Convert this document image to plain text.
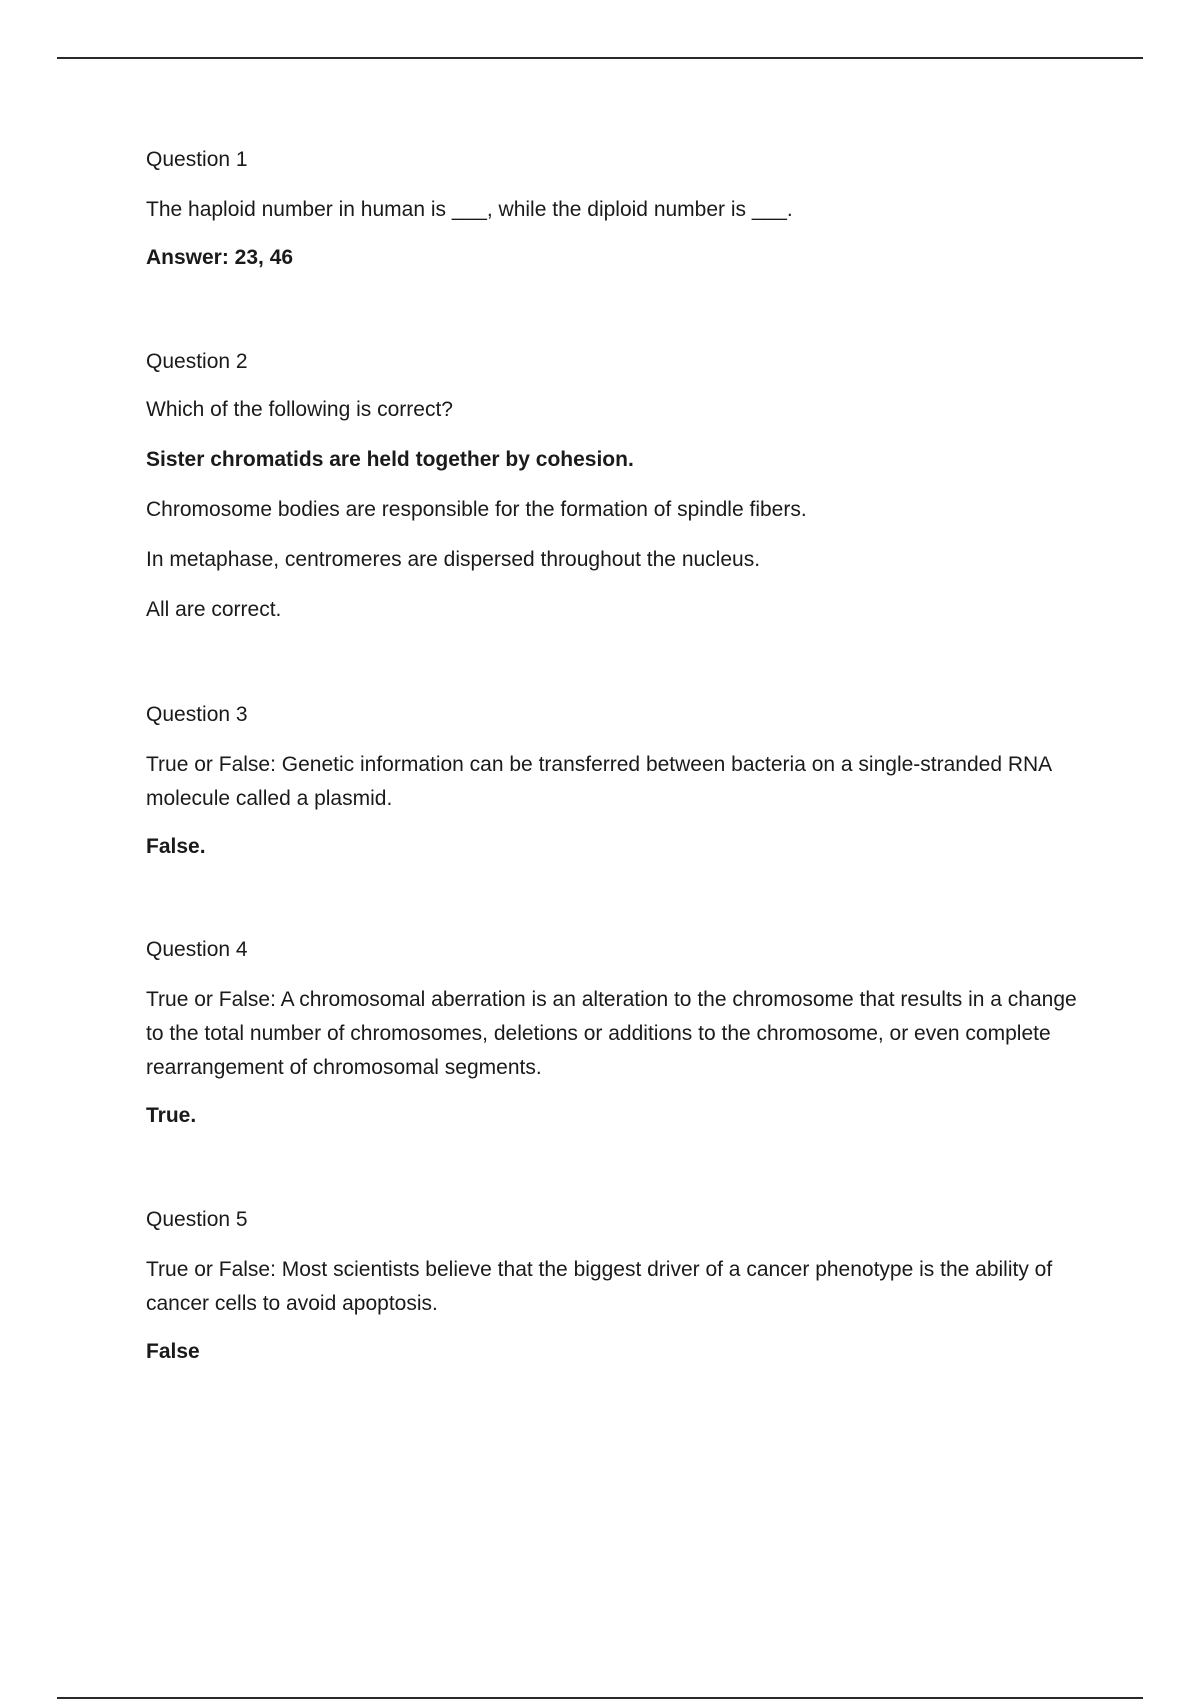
Question 1

The haploid number in human is ___, while the diploid number is ___.

Answer: 23, 46

Question 2

Which of the following is correct?

Sister chromatids are held together by cohesion.

Chromosome bodies are responsible for the formation of spindle fibers.

In metaphase, centromeres are dispersed throughout the nucleus.

All are correct.

Question 3

True or False: Genetic information can be transferred between bacteria on a single-stranded RNA molecule called a plasmid.

False.

Question 4

True or False: A chromosomal aberration is an alteration to the chromosome that results in a change to the total number of chromosomes, deletions or additions to the chromosome, or even complete rearrangement of chromosomal segments.

True.

Question 5

True or False: Most scientists believe that the biggest driver of a cancer phenotype is the ability of cancer cells to avoid apoptosis.

False
